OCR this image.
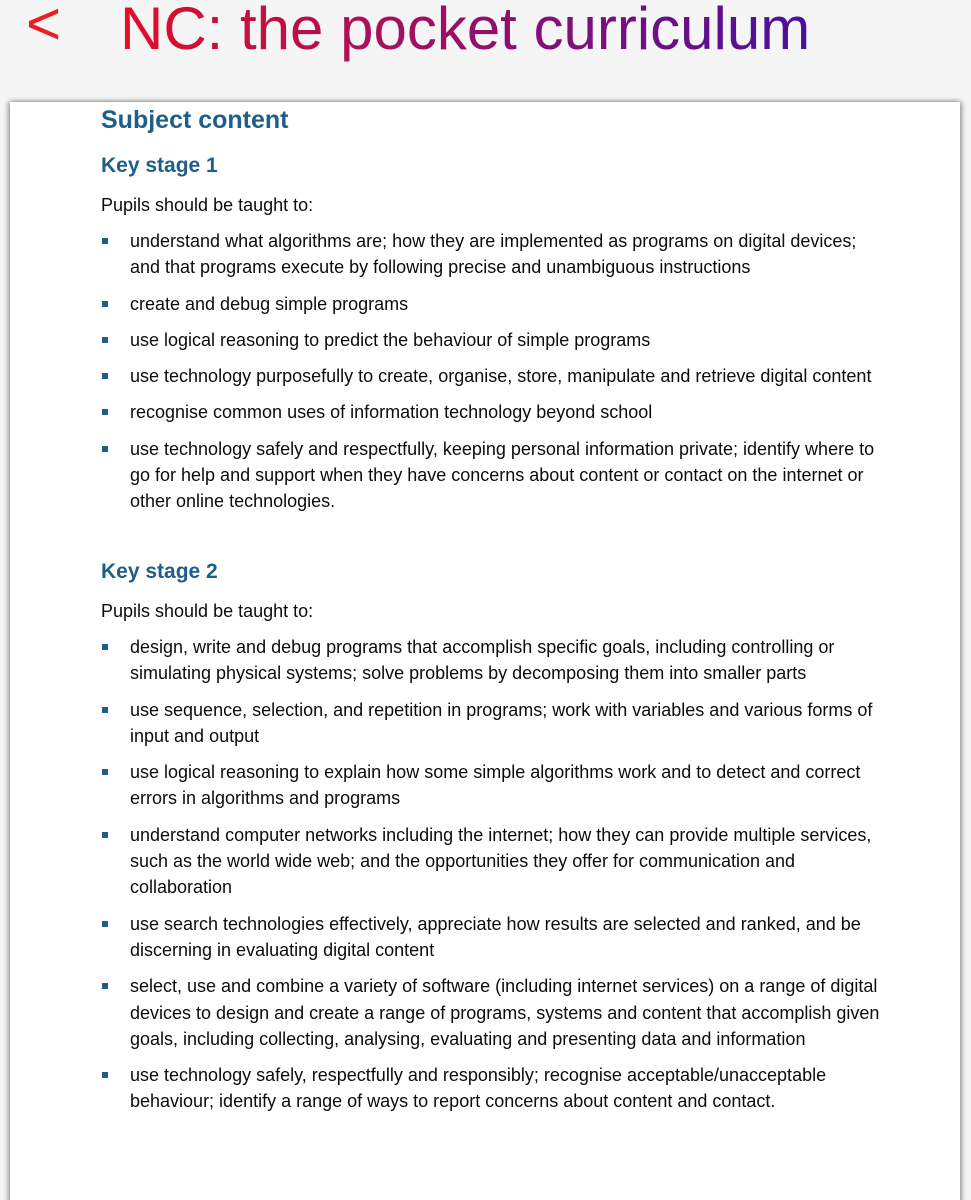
< NC: the pocket curriculum
Subject content
Key stage 1

Pupils should be taught to:

understand what algorithms are; how they are implemented as programs on digital devices; and that programs execute by following precise and unambiguous instructions
create and debug simple programs
use logical reasoning to predict the behaviour of simple programs
use technology purposefully to create, organise, store, manipulate and retrieve digital content
recognise common uses of information technology beyond school
use technology safely and respectfully, keeping personal information private; identify where to go for help and support when they have concerns about content or contact on the internet or other online technologies.
Key stage 2

Pupils should be taught to:

design, write and debug programs that accomplish specific goals, including controlling or simulating physical systems; solve problems by decomposing them into smaller parts
use sequence, selection, and repetition in programs; work with variables and various forms of input and output
use logical reasoning to explain how some simple algorithms work and to detect and correct errors in algorithms and programs
understand computer networks including the internet; how they can provide multiple services, such as the world wide web; and the opportunities they offer for communication and collaboration
use search technologies effectively, appreciate how results are selected and ranked, and be discerning in evaluating digital content
select, use and combine a variety of software (including internet services) on a range of digital devices to design and create a range of programs, systems and content that accomplish given goals, including collecting, analysing, evaluating and presenting data and information
use technology safely, respectfully and responsibly; recognise acceptable/unacceptable behaviour; identify a range of ways to report concerns about content and contact.
